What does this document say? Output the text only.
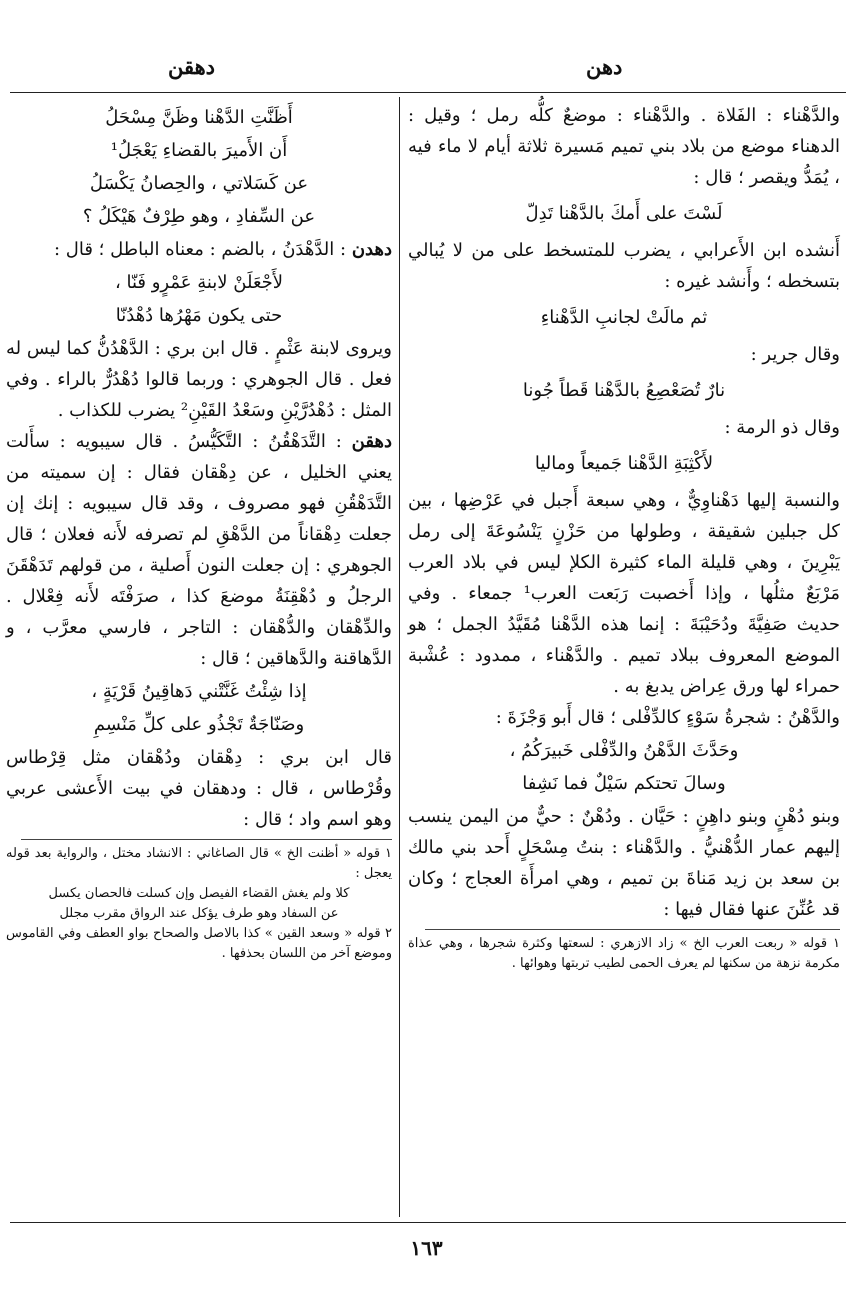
دهقن	دهن

والدَّهْناء : الفَلاة . والدَّهْناء : موضعٌ كلُّه رمل ؛ وقيل : الدهناء موضع من بلاد بني تميم مَسيرة ثلاثة أيام لا ماء فيه ، يُمَدُّ ويقصر ؛ قال :

لَسْتَ على أَمكَ بالدَّهْنا تَدِلّ

أَنشده ابن الأَعرابي ، يضرب للمتسخط على من لا يُبالي بتسخطه ؛ وأَنشد غيره :

ثم مالَتْ لجانبِ الدَّهْناءِ

وقال جرير :

نارٌ تُصَعْصِعُ بالدَّهْنا قَطاً جُونا

وقال ذو الرمة :

لأَكْثِبَةِ الدَّهْنا جَميعاً وماليا

والنسبة إليها دَهْناوِيٌّ ، وهي سبعة أَجبل في عَرْضِها ، بين كل جبلين شقيقة ، وطولها من حَزْنٍ يَنْسُوعَةَ إلى رمل يَبْرِينَ ، وهي قليلة الماء كثيرة الكلإ ليس في بلاد العرب مَرْبَعٌ مثلُها ، وإذا أَخصبت رَبَعت العرب¹ جمعاء . وفي حديث صَفِيَّةَ ودُحَيْبَةَ : إنما هذه الدَّهْنا مُقَيَّدُ الجمل ؛ هو الموضع المعروف ببلاد تميم . والدَّهْناء ، ممدود : عُشْبة حمراء لها ورق عِراض يدبغ به .

والدَّهْنُ : شجرةُ سَوْءٍ كالدِّفْلى ؛ قال أَبو وَجْزَةَ :

وحَدَّثَ الدَّهْنُ والدِّفْلى خَبيرَكُمُ ،

وسالَ تحتكم سَيْلٌ فما نَشِفا

وبنو دُهْنٍ وبنو داهِنٍ : حَيَّان . ودُهْنٌ : حيٌّ من اليمن ينسب إليهم عمار الدُّهْنيُّ . والدَّهْناء : بنتُ مِسْحَلٍ أَحد بني مالك بن سعد بن زيد مَناةَ بن تميم ، وهي امرأَة العجاج ؛ وكان قد عُنِّنَ عنها فقال فيها :

١ قوله « ربعت العرب الخ » زاد الازهري : لسعتها وكثرة شجرها ، وهي عذاة مكرمة نزهة من سكنها لم يعرف الحمى لطيب تربتها وهوائها .

أَظَنَّتِ الدَّهْنا وظَنَّ مِسْحَلُ

أَن الأَميرَ بالقضاءِ يَعْجَلُ¹

عن كَسَلاتي ، والحِصانُ يَكْسَلُ

عن السِّفادِ ، وهو طِرْفٌ هَيْكَلُ ؟

دهدن : الدَّهْدَنُ ، بالضم : معناه الباطل ؛ قال :

لأَجْعَلَنْ لابنةِ عَمْرٍو فَنّا ،

حتى يكون مَهْرُها دُهْدُنّا

ويروى لابنة عَثْمٍ . قال ابن بري : الدَّهْدُنُّ كما ليس له فعل . قال الجوهري : وربما قالوا دُهْدُرٌّ بالراء . وفي المثل : دُهْدُرَّيْنِ وسَعْدُ القَيْنِ² يضرب للكذاب .

دهقن : التَّدَهْقُنُ : التَّكَيُّسُ . قال سيبويه : سأَلت يعني الخليل ، عن دِهْقان فقال : إن سميته من التَّدَهْقُنِ فهو مصروف ، وقد قال سيبويه : إنك إن جعلت دِهْقاناً من الدَّهْقِ لم تصرفه لأَنه فعلان ؛ قال الجوهري : إن جعلت النون أَصلية ، من قولهم تَدَهْقَنَ الرجلُ و دُهْقِنَةُ موضعَ كذا ، صرَفْتَه لأَنه فِعْلال . والدِّهْقان والدُّهْقان : التاجر ، فارسي معرَّب ، و الدَّهاقنة والدَّهاقين ؛ قال :

إذا شِئْتُ غَنَّتْني دَهاقِينُ قَرْيَةٍ ،

وصَنّاجَةٌ تَجْذُو على كلِّ مَنْسِمِ

قال ابن بري : دِهْقان ودُهْقان مثل قِرْطاس وقُرْطاس ، قال : ودهقان في بيت الأَعشى عربي وهو اسم واد ؛ قال :

١ قوله « أظنت الخ » قال الصاغاني : الانشاد مختل ، والرواية بعد قوله يعجل :

كلا ولم يغش القضاء الفيصل وإن كسلت فالحصان يكسل

عن السفاد وهو طرف يؤكل عند الرواق مقرب مجلل

٢ قوله « وسعد القين » كذا بالاصل والصحاح بواو العطف وفي القاموس وموضع آخر من اللسان بحذفها .

١٦٣
